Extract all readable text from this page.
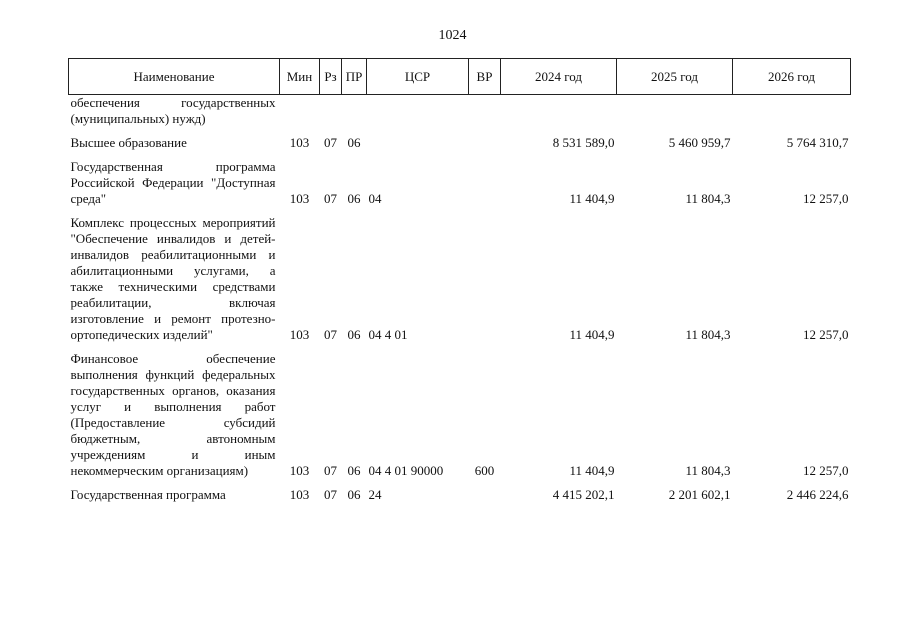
1024
Наименование	Мин	Рз	ПР	ЦСР	ВР	2024 год	2025 год	2026 год
обеспечения государственных (муниципальных) нужд)								

Высшее образование	103	07	06			8 531 589,0	5 460 959,7	5 764 310,7

Государственная программа Российской Федерации "Доступная среда"	103	07	06	04		11 404,9	11 804,3	12 257,0

Комплекс процессных мероприятий "Обеспечение инвалидов и детей-инвалидов реабилитационными и абилитационными услугами, а также техническими средствами реабилитации, включая изготовление и ремонт протезно-ортопедических изделий"	103	07	06	04 4 01		11 404,9	11 804,3	12 257,0

Финансовое обеспечение выполнения функций федеральных государственных органов, оказания услуг и выполнения работ (Предоставление субсидий бюджетным, автономным учреждениям и иным некоммерческим организациям)	103	07	06	04 4 01 90000	600	11 404,9	11 804,3	12 257,0

Государственная программа	103	07	06	24		4 415 202,1	2 201 602,1	2 446 224,6
